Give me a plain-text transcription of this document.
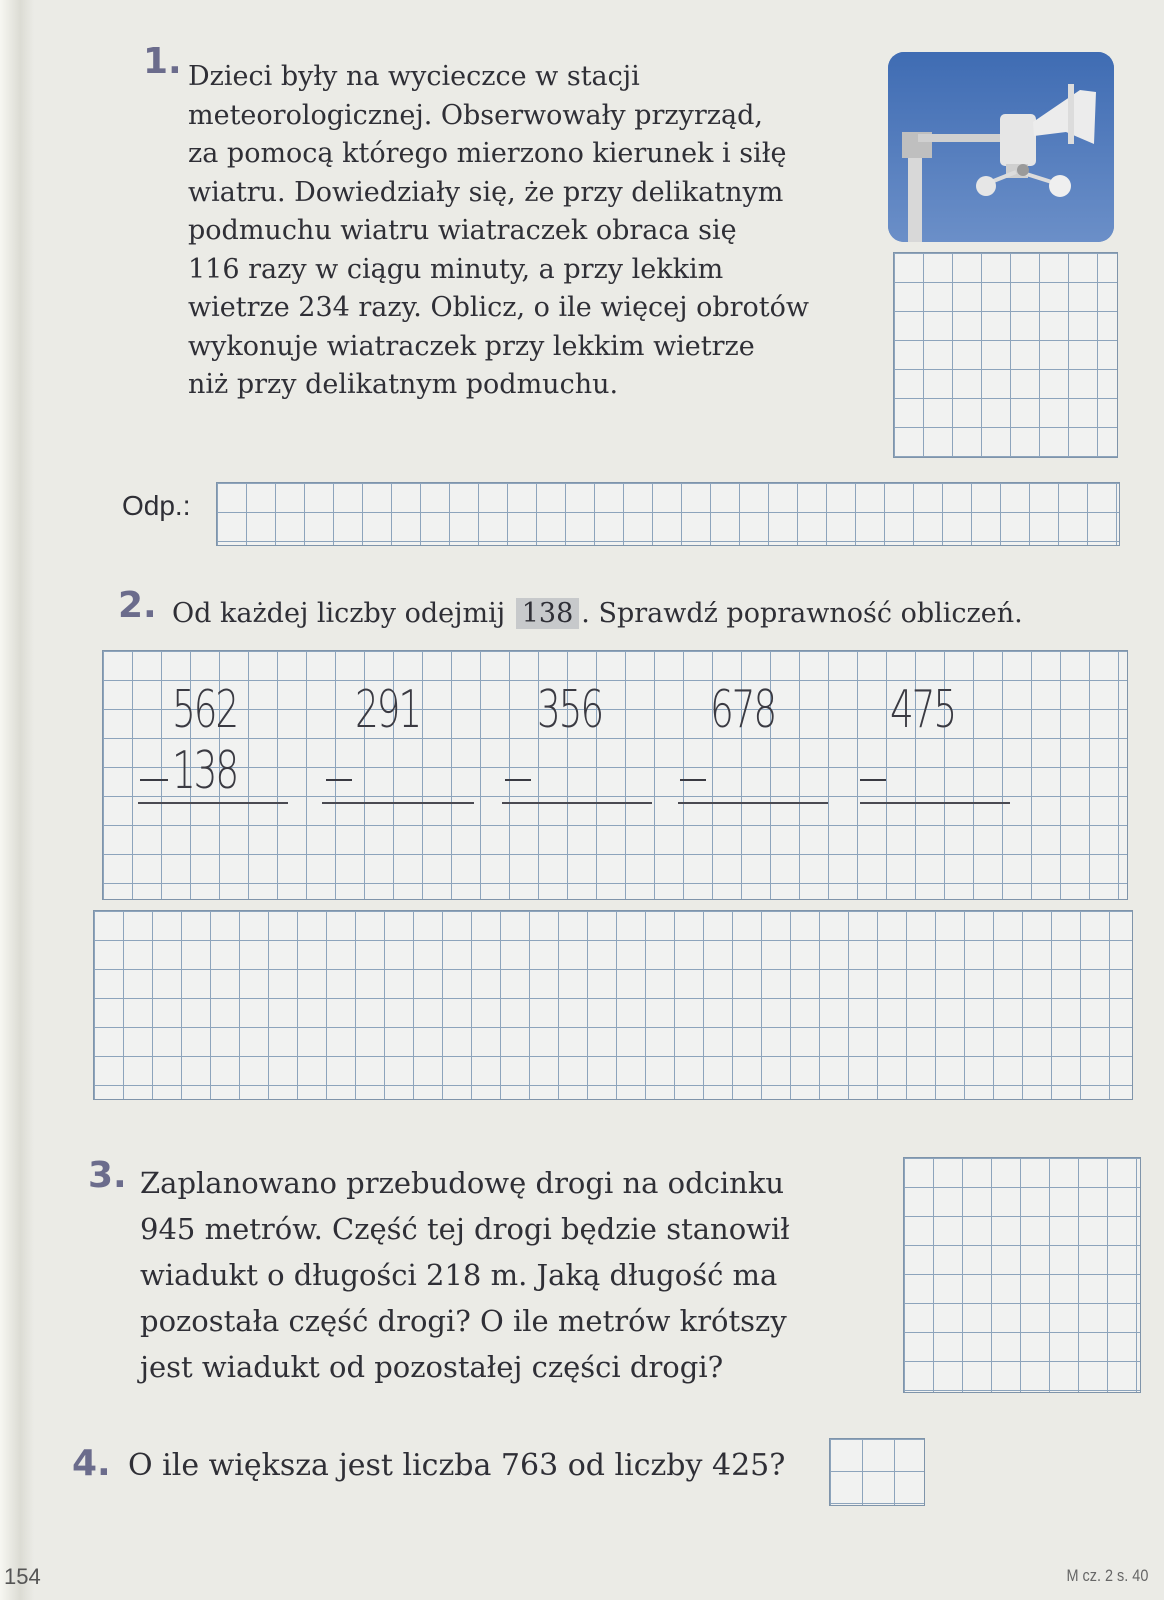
1. Dzieci były na wycieczce w stacji
meteorologicznej. Obserwowały przyrząd,
za pomocą którego mierzono kierunek i siłę
wiatru. Dowiedziały się, że przy delikatnym
podmuchu wiatru wiatraczek obraca się
116 razy w ciągu minuty, a przy lekkim
wietrze 234 razy. Oblicz, o ile więcej obrotów
wykonuje wiatraczek przy lekkim wietrze
niż przy delikatnym podmuchu.

Odp.:
2. Od każdej liczby odejmij 138 . Sprawdź poprawność obliczeń.
562 291 356 678 475
138
3. Zaplanowano przebudowę drogi na odcinku
945 metrów. Część tej drogi będzie stanowił
wiadukt o długości 218 m. Jaką długość ma
pozostała część drogi? O ile metrów krótszy
jest wiadukt od pozostałej części drogi?

4. O ile większa jest liczba 763 od liczby 425?
154	M cz. 2 s. 40
